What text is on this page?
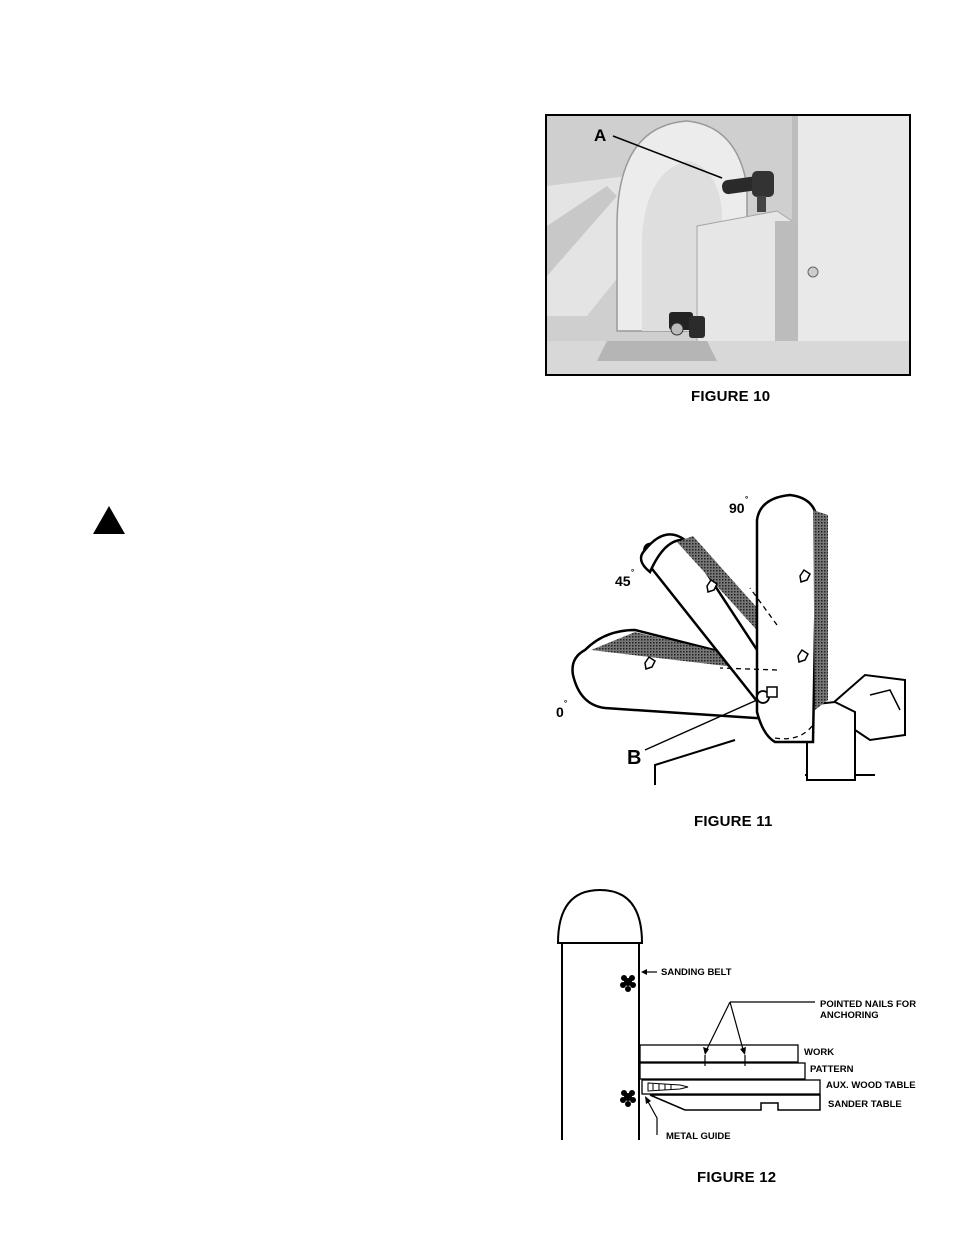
A
FIGURE 10
90
°
45
°
0
°
B
FIGURE 11
SANDING BELT
POINTED NAILS FOR ANCHORING
WORK
PATTERN
AUX. WOOD TABLE
SANDER TABLE
METAL GUIDE
FIGURE 12
